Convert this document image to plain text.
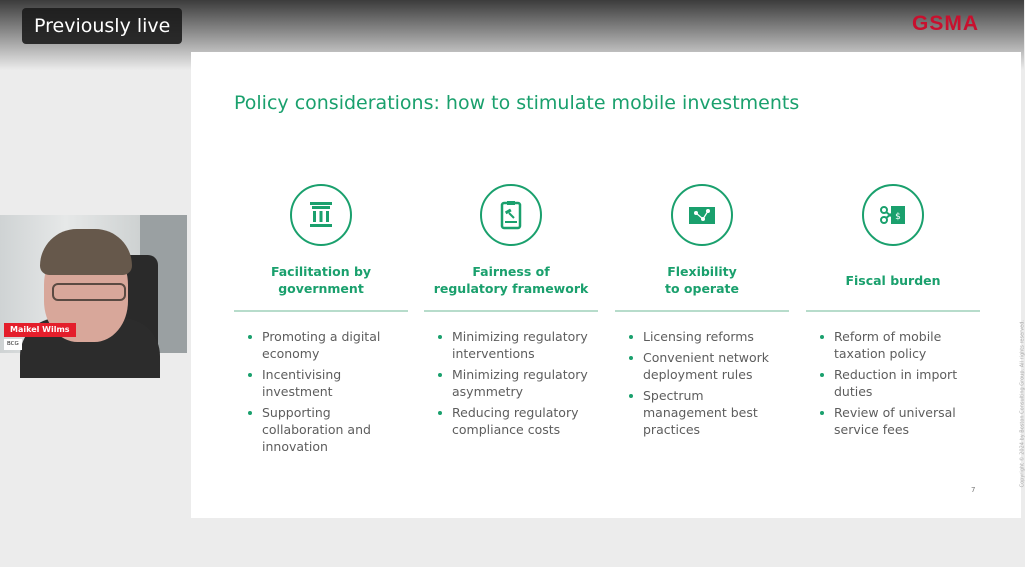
Previously live	GSMA
Policy considerations: how to stimulate mobile investments
Facilitation by
government
Promoting a digital economy
Incentivising investment
Supporting collaboration and innovation
Fairness of
regulatory framework
Minimizing regulatory interventions
Minimizing regulatory asymmetry
Reducing regulatory compliance costs
Flexibility
to operate
Licensing reforms
Convenient network deployment rules
Spectrum management best practices
$
Fiscal burden
Reform of mobile taxation policy
Reduction in import duties
Review of universal service fees	Copyright © 2024 by Boston Consulting Group. All rights reserved.
7
Maikel Wilms
BCG
